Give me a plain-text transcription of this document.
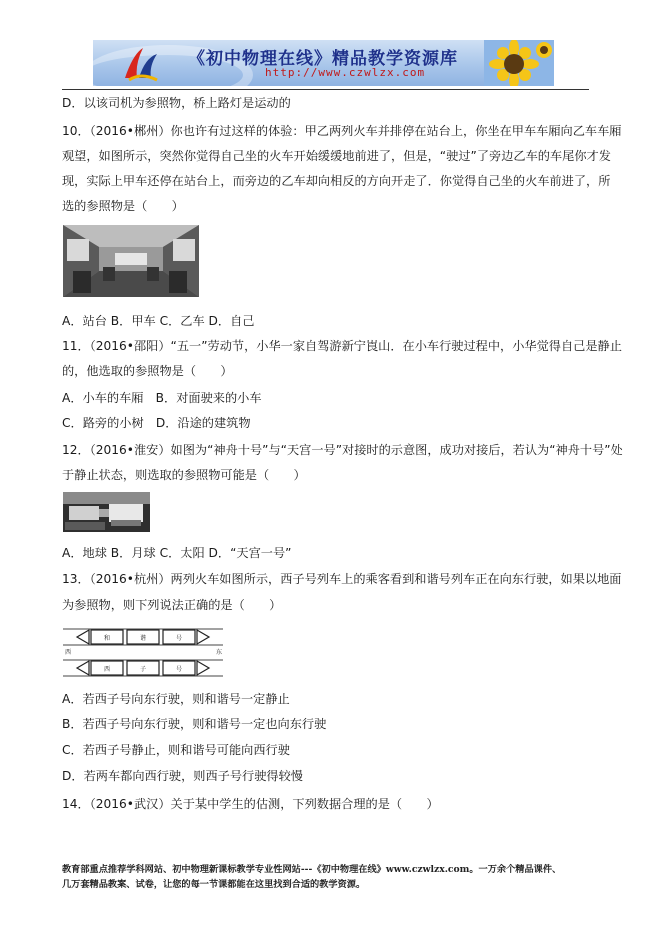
《初中物理在线》精品教学资源库
http://www.czwlzx.com
D．以该司机为参照物，桥上路灯是运动的
10．（2016•郴州）你也许有过这样的体验：甲乙两列火车并排停在站台上，你坐在甲车车厢向乙车车厢
观望，如图所示，突然你觉得自己坐的火车开始缓缓地前进了，但是，“驶过”了旁边乙车的车尾你才发
现，实际上甲车还停在站台上，而旁边的乙车却向相反的方向开走了．你觉得自己坐的火车前进了，所
选的参照物是（　　）
A．站台 B．甲车 C．乙车 D．自己
11．（2016•邵阳）“五一”劳动节，小华一家自驾游新宁崀山．在小车行驶过程中，小华觉得自己是静止
的，他选取的参照物是（　　）
A．小车的车厢　B．对面驶来的小车
C．路旁的小树　D．沿途的建筑物
12．（2016•淮安）如图为“神舟十号”与“天宫一号”对接时的示意图，成功对接后，若认为“神舟十号”处
于静止状态，则选取的参照物可能是（　　）
A．地球 B．月球 C．太阳 D．“天宫一号”
13．（2016•杭州）两列火车如图所示，西子号列车上的乘客看到和谐号列车正在向东行驶，如果以地面
为参照物，则下列说法正确的是（　　）
和	谐	号
西	东
西	子	号
A．若西子号向东行驶，则和谐号一定静止
B．若西子号向东行驶，则和谐号一定也向东行驶
C．若西子号静止，则和谐号可能向西行驶
D．若两车都向西行驶，则西子号行驶得较慢
14．（2016•武汉）关于某中学生的估测，下列数据合理的是（　　）
教育部重点推荐学科网站、初中物理新课标教学专业性网站---《初中物理在线》www.czwlzx.com。一万余个精品课件、
几万套精品教案、试卷，让您的每一节课都能在这里找到合适的教学资源。
